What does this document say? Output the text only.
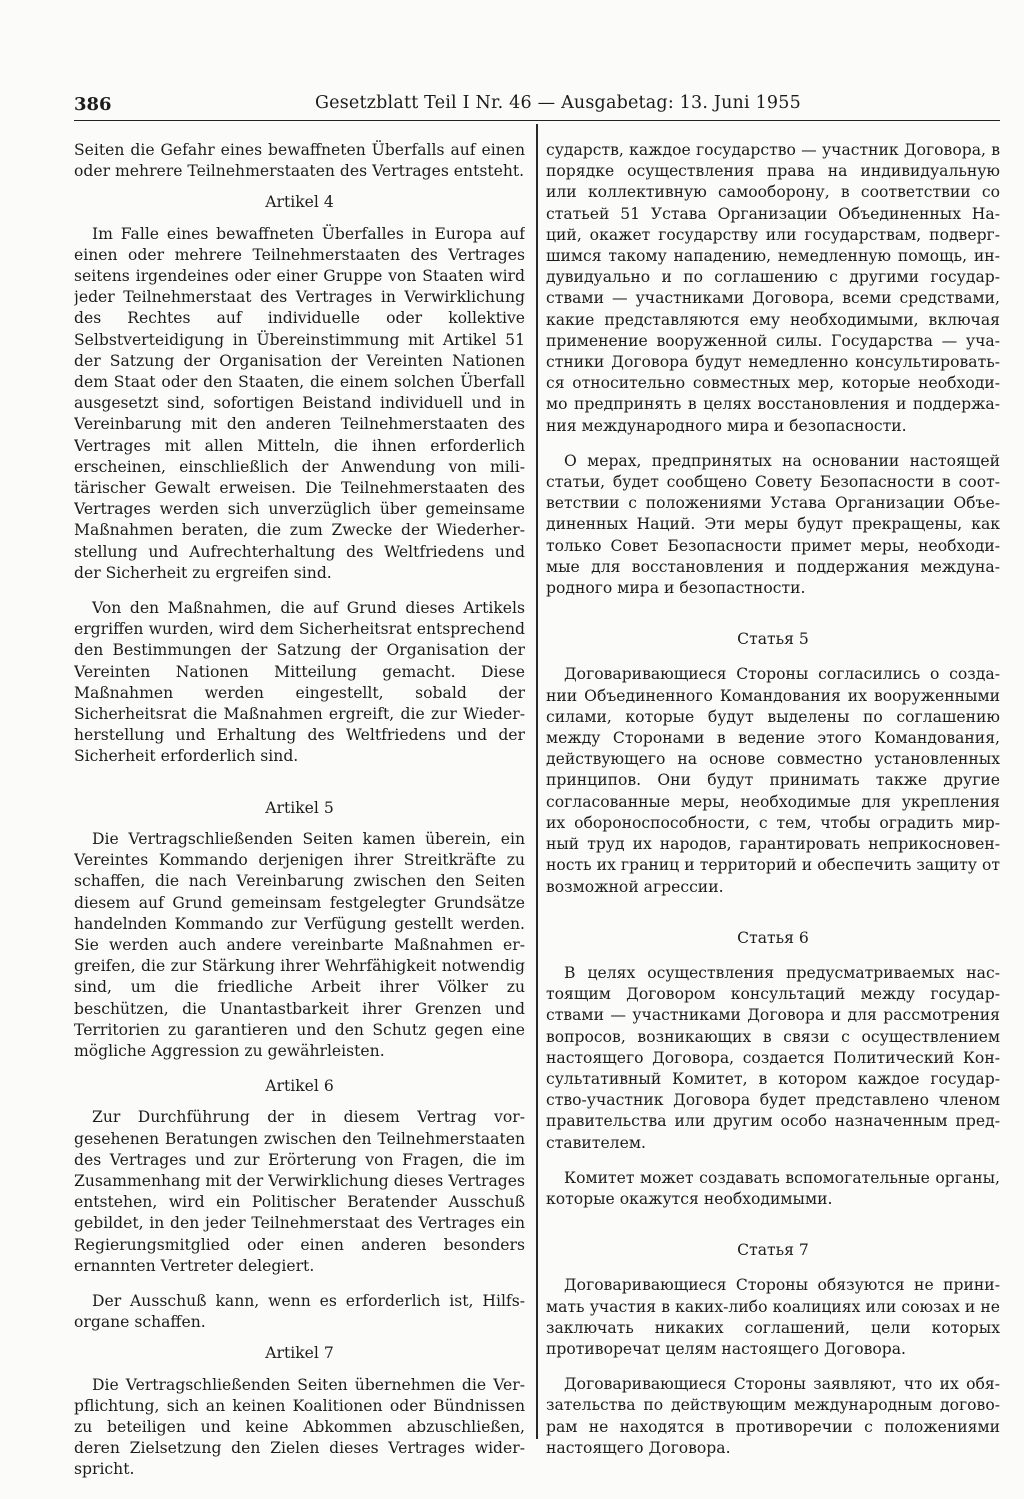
386	Gesetzblatt Teil I Nr. 46 — Ausgabetag: 13. Juni 1955

Seiten die Gefahr eines bewaffneten Überfalls auf einen oder mehrere Teilnehmerstaaten des Vertrages entsteht.

Artikel 4

Im Falle eines bewaffneten Überfalles in Europa auf einen oder mehrere Teilnehmerstaaten des Vertrages seitens irgendeines oder einer Gruppe von Staaten wird jeder Teilnehmerstaat des Vertrages in Verwirklichung des Rechtes auf individuelle oder kollektive Selbstverteidigung in Übereinstimmung mit Artikel 51 der Satzung der Organisation der Vereinten Nationen dem Staat oder den Staaten, die einem solchen Überfall ausgesetzt sind, sofortigen Beistand individuell und in Vereinbarung mit den anderen Teilnehmerstaaten des Vertrages mit allen Mitteln, die ihnen erforderlich erscheinen, einschließlich der Anwendung von militärischer Gewalt erweisen. Die Teilnehmerstaaten des Vertrages werden sich unverzüglich über gemeinsame Maßnahmen beraten, die zum Zwecke der Wiederherstellung und Aufrechterhaltung des Weltfriedens und der Sicherheit zu ergreifen sind.

Von den Maßnahmen, die auf Grund dieses Artikels ergriffen wurden, wird dem Sicherheitsrat entsprechend den Bestimmungen der Satzung der Organisation der Vereinten Nationen Mitteilung gemacht. Diese Maßnahmen werden eingestellt, sobald der Sicherheitsrat die Maßnahmen ergreift, die zur Wiederherstellung und Erhaltung des Weltfriedens und der Sicherheit erforderlich sind.

Artikel 5

Die Vertragschließenden Seiten kamen überein, ein Vereintes Kommando derjenigen ihrer Streitkräfte zu schaffen, die nach Vereinbarung zwischen den Seiten diesem auf Grund gemeinsam festgelegter Grundsätze handelnden Kommando zur Verfügung gestellt werden. Sie werden auch andere vereinbarte Maßnahmen ergreifen, die zur Stärkung ihrer Wehrfähigkeit notwendig sind, um die friedliche Arbeit ihrer Völker zu beschützen, die Unantastbarkeit ihrer Grenzen und Territorien zu garantieren und den Schutz gegen eine mögliche Aggression zu gewährleisten.

Artikel 6

Zur Durchführung der in diesem Vertrag vorgesehenen Beratungen zwischen den Teilnehmerstaaten des Vertrages und zur Erörterung von Fragen, die im Zusammenhang mit der Verwirklichung dieses Vertrages entstehen, wird ein Politischer Beratender Ausschuß gebildet, in den jeder Teilnehmerstaat des Vertrages ein Regierungsmitglied oder einen anderen besonders ernannten Vertreter delegiert.

Der Ausschuß kann, wenn es erforderlich ist, Hilfsorgane schaffen.

Artikel 7

Die Vertragschließenden Seiten übernehmen die Verpflichtung, sich an keinen Koalitionen oder Bündnissen zu beteiligen und keine Abkommen abzuschließen, deren Zielsetzung den Zielen dieses Vertrages widerspricht.

сударств, каждое государство — участник Договора, в порядке осуществления права на индивидуальную или коллективную самооборону, в соответствии со статьей 51 Устава Организации Объединенных Наций, окажет государству или государствам, подвергшимся такому нападению, немедленную помощь, индувидуально и по соглашению с другими государствами — участниками Договора, всеми средствами, какие представляются ему необходимыми, включая применение вооруженной силы. Государства — участники Договора будут немедленно консультироваться относительно совместных мер, которые необходимо предпринять в целях восстановления и поддержания международного мира и безопасности.

О мерах, предпринятых на основании настоящей статьи, будет сообщено Совету Безопасности в соответствии с положениями Устава Организации Объединенных Наций. Эти меры будут прекращены, как только Совет Безопасности примет меры, необходимые для восстановления и поддержания международного мира и безопастности.

Статья 5

Договаривающиеся Стороны согласились о создании Объединенного Командования их вооруженными силами, которые будут выделены по соглашению между Сторонами в ведение этого Командования, действующего на основе совместно установленных принципов. Они будут принимать также другие согласованные меры, необходимые для укрепления их обороноспособности, с тем, чтобы оградить мирный труд их народов, гарантировать неприкосновенность их границ и территорий и обеспечить защиту от возможной агрессии.

Статья 6

В целях осуществления предусматриваемых настоящим Договором консультаций между государствами — участниками Договора и для рассмотрения вопросов, возникающих в связи с осуществлением настоящего Договора, создается Политический Консультативный Комитет, в котором каждое государство-участник Договора будет представлено членом правительства или другим особо назначенным представителем.

Комитет может создавать вспомогательные органы, которые окажутся необходимыми.

Статья 7

Договаривающиеся Стороны обязуются не принимать участия в каких-либо коалициях или союзах и не заключать никаких соглашений, цели которых противоречат целям настоящего Договора.

Договаривающиеся Стороны заявляют, что их обязательства по действующим международным договорам не находятся в противоречии с положениями настоящего Договора.
